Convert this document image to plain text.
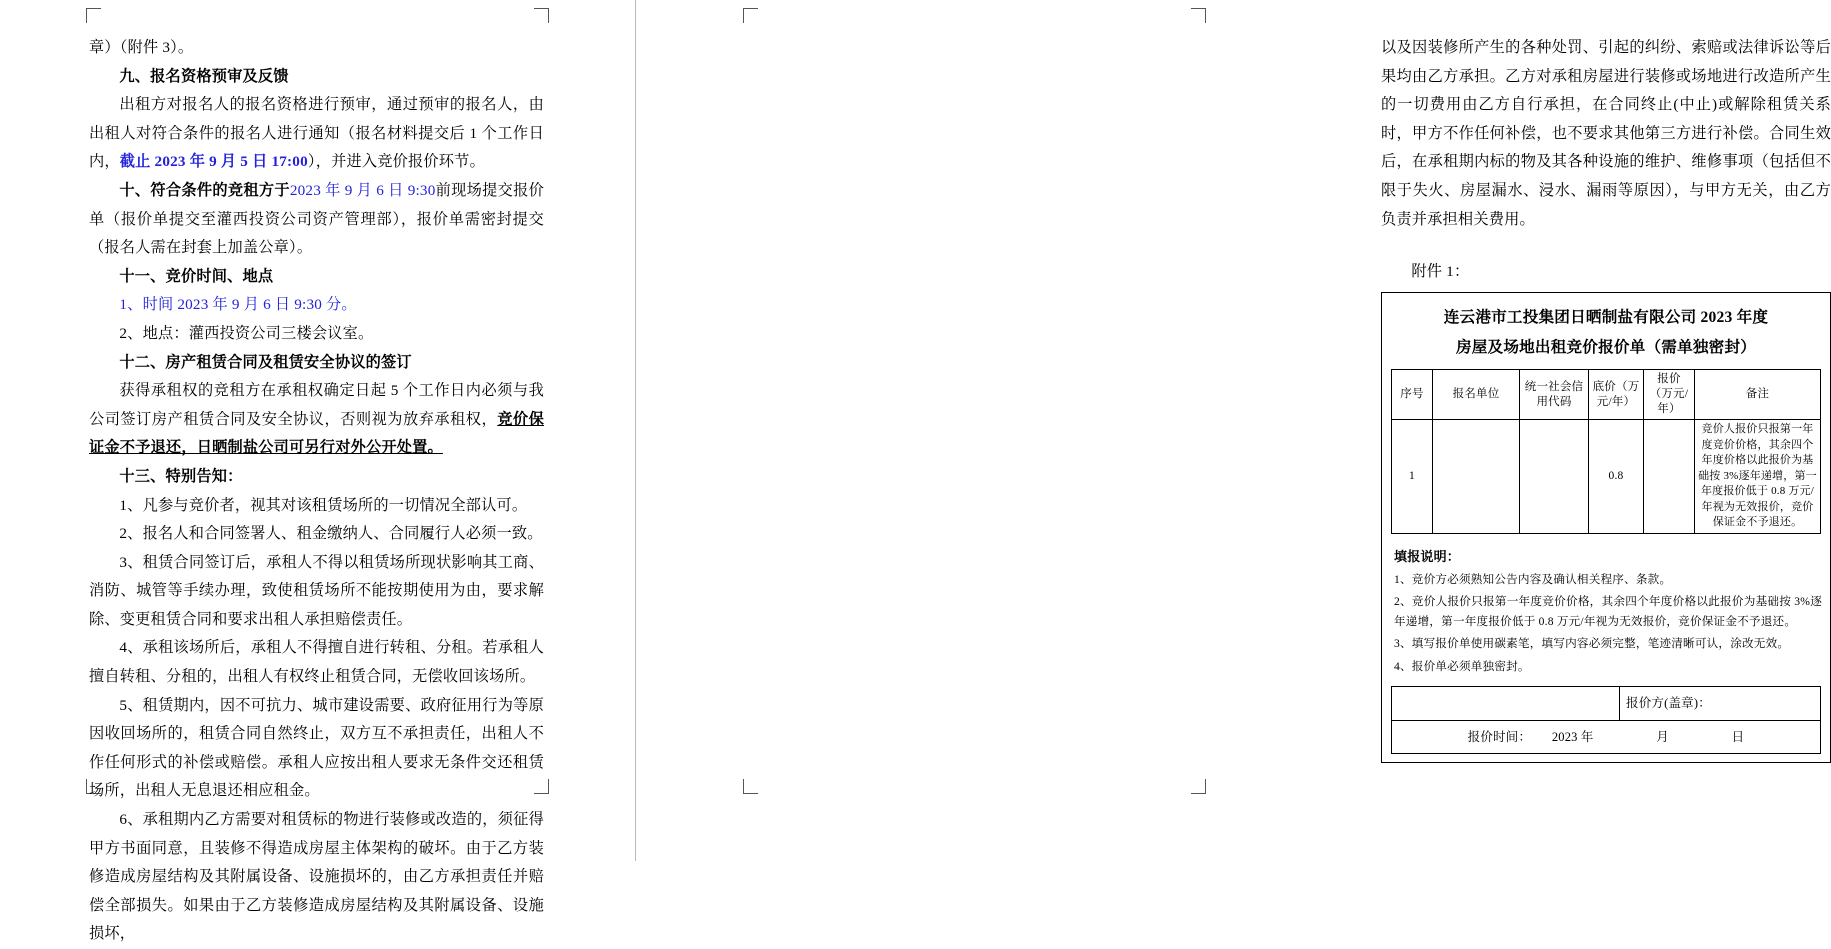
章）（附件 3）。

九、报名资格预审及反馈

出租方对报名人的报名资格进行预审，通过预审的报名人，由出租人对符合条件的报名人进行通知（报名材料提交后 1 个工作日内，截止 2023 年 9 月 5 日 17:00），并进入竞价报价环节。

十、符合条件的竞租方于2023 年 9 月 6 日 9:30前现场提交报价单（报价单提交至灌西投资公司资产管理部），报价单需密封提交（报名人需在封套上加盖公章）。

十一、竞价时间、地点

1、时间 2023 年 9 月 6 日 9:30 分。

2、地点：灌西投资公司三楼会议室。

十二、房产租赁合同及租赁安全协议的签订

获得承租权的竞租方在承租权确定日起 5 个工作日内必须与我公司签订房产租赁合同及安全协议，否则视为放弃承租权，竞价保证金不予退还，日晒制盐公司可另行对外公开处置。

十三、特别告知：

1、凡参与竞价者，视其对该租赁场所的一切情况全部认可。

2、报名人和合同签署人、租金缴纳人、合同履行人必须一致。

3、租赁合同签订后，承租人不得以租赁场所现状影响其工商、消防、城管等手续办理，致使租赁场所不能按期使用为由，要求解除、变更租赁合同和要求出租人承担赔偿责任。

4、承租该场所后，承租人不得擅自进行转租、分租。若承租人擅自转租、分租的，出租人有权终止租赁合同，无偿收回该场所。

5、租赁期内，因不可抗力、城市建设需要、政府征用行为等原因收回场所的，租赁合同自然终止，双方互不承担责任，出租人不作任何形式的补偿或赔偿。承租人应按出租人要求无条件交还租赁场所，出租人无息退还相应租金。

6、承租期内乙方需要对租赁标的物进行装修或改造的，须征得甲方书面同意，且装修不得造成房屋主体架构的破坏。由于乙方装修造成房屋结构及其附属设备、设施损坏的，由乙方承担责任并赔偿全部损失。如果由于乙方装修造成房屋结构及其附属设备、设施损坏，

以及因装修所产生的各种处罚、引起的纠纷、索赔或法律诉讼等后果均由乙方承担。乙方对承租房屋进行装修或场地进行改造所产生的一切费用由乙方自行承担，在合同终止(中止)或解除租赁关系时，甲方不作任何补偿，也不要求其他第三方进行补偿。合同生效后，在承租期内标的物及其各种设施的维护、维修事项（包括但不限于失火、房屋漏水、浸水、漏雨等原因），与甲方无关，由乙方负责并承担相关费用。

附件 1：
连云港市工投集团日晒制盐有限公司 2023 年度
房屋及场地出租竞价报价单（需单独密封）
序号	报名单位	统一社会信用代码	底价（万元/年）	报价（万元/年）	备注
1			0.8		竞价人报价只报第一年度竞价价格，其余四个年度价格以此报价为基础按 3%逐年递增，第一年度报价低于 0.8 万元/年视为无效报价，竞价保证金不予退还。
填报说明：

1、竞价方必须熟知公告内容及确认相关程序、条款。

2、竞价人报价只报第一年度竞价价格，其余四个年度价格以此报价为基础按 3%逐年递增，第一年度报价低于 0.8 万元/年视为无效报价，竞价保证金不予退还。

3、填写报价单使用碳素笔，填写内容必须完整，笔迹清晰可认，涂改无效。

4、报价单必须单独密封。

	报价方(盖章)：
报价时间： 2023 年	月	日
